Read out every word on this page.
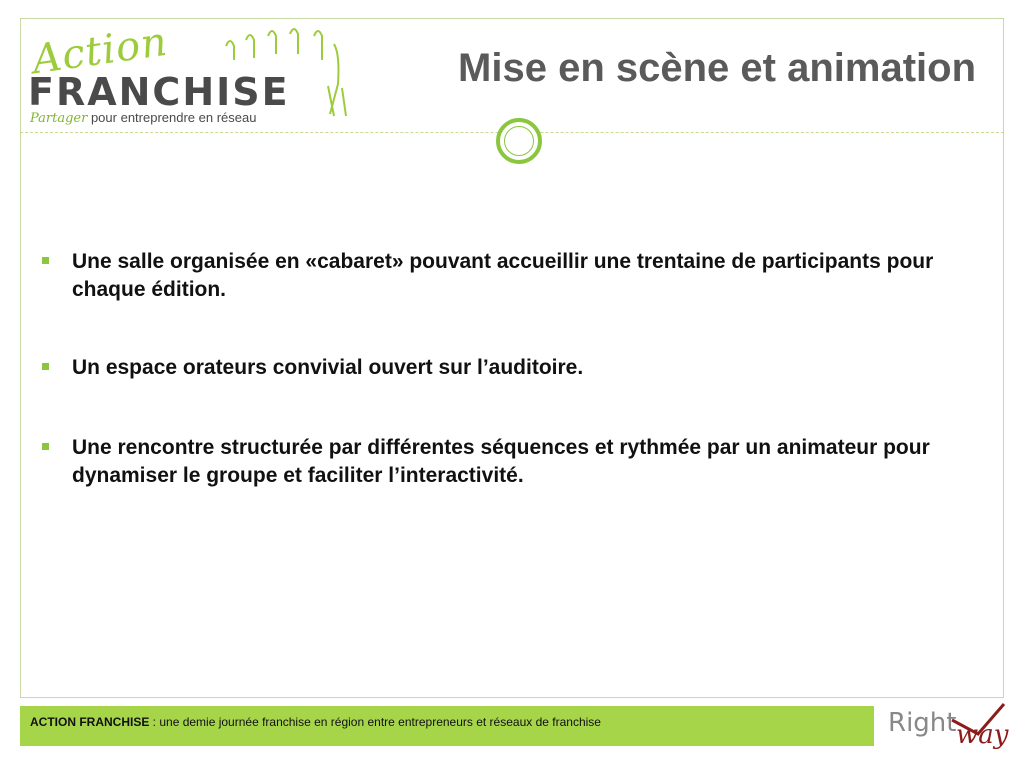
Action
FRANCHISE
Partager pour entreprendre en réseau
Mise en scène et animation
Une salle organisée en «cabaret» pouvant accueillir une trentaine de participants pour chaque édition.
Un espace orateurs convivial ouvert sur l’auditoire.
Une rencontre structurée par différentes séquences et rythmée par un animateur pour dynamiser le groupe et faciliter l’interactivité.
ACTION FRANCHISE : une demie journée franchise en région entre entrepreneurs et réseaux de franchise	Right way
